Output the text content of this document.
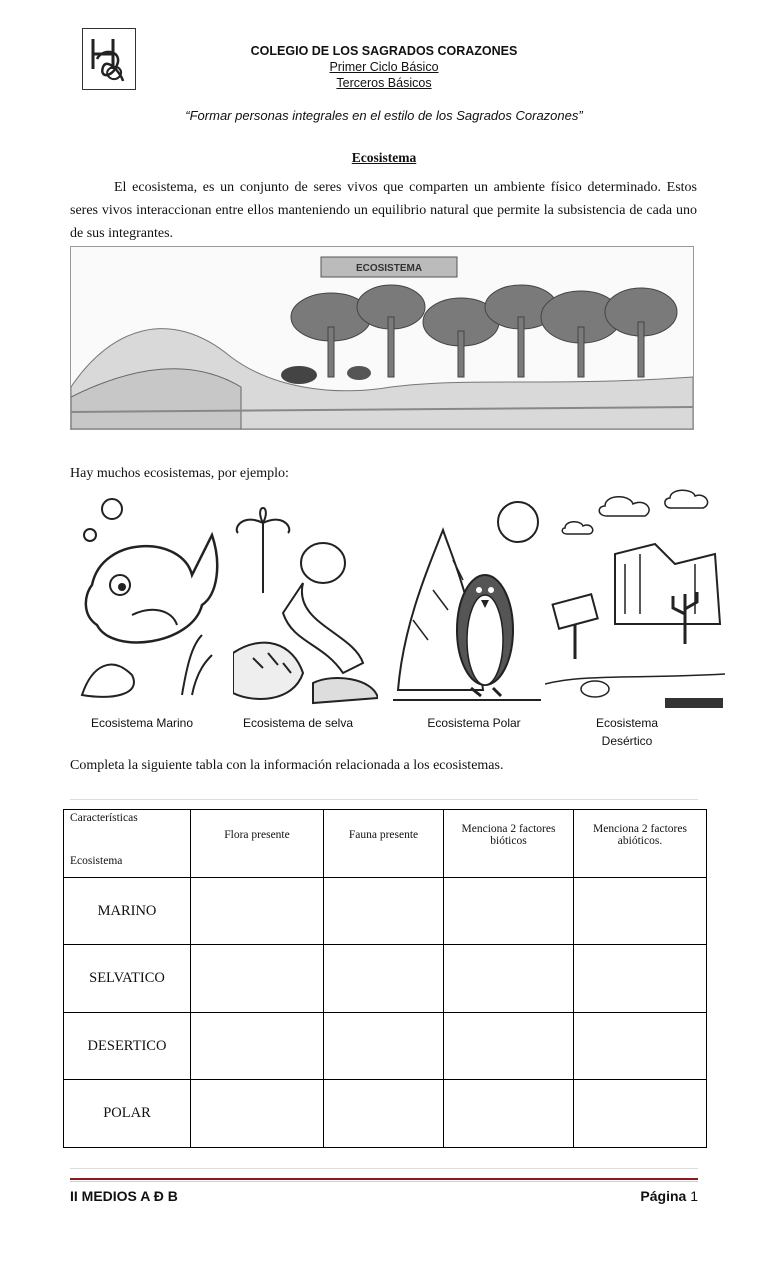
COLEGIO DE LOS SAGRADOS CORAZONES
Primer Ciclo Básico
Terceros Básicos
“Formar personas integrales en el estilo de los Sagrados Corazones”
Ecosistema
El ecosistema, es un conjunto de seres vivos que comparten un ambiente físico determinado. Estos seres vivos interaccionan entre ellos manteniendo un equilibrio natural que permite la subsistencia de cada uno de sus integrantes.
ECOSISTEMA
Hay muchos ecosistemas, por ejemplo:
Ecosistema Marino	Ecosistema de selva	Ecosistema Polar	Ecosistema
Desértico
Completa la siguiente tabla con la información relacionada a los ecosistemas.
Características
Ecosistema	Flora presente	Fauna presente	Menciona 2 factores bióticos	Menciona 2 factores abióticos.
MARINO				
SELVATICO				
DESERTICO				
POLAR				
II MEDIOS A Ð B	Página 1
